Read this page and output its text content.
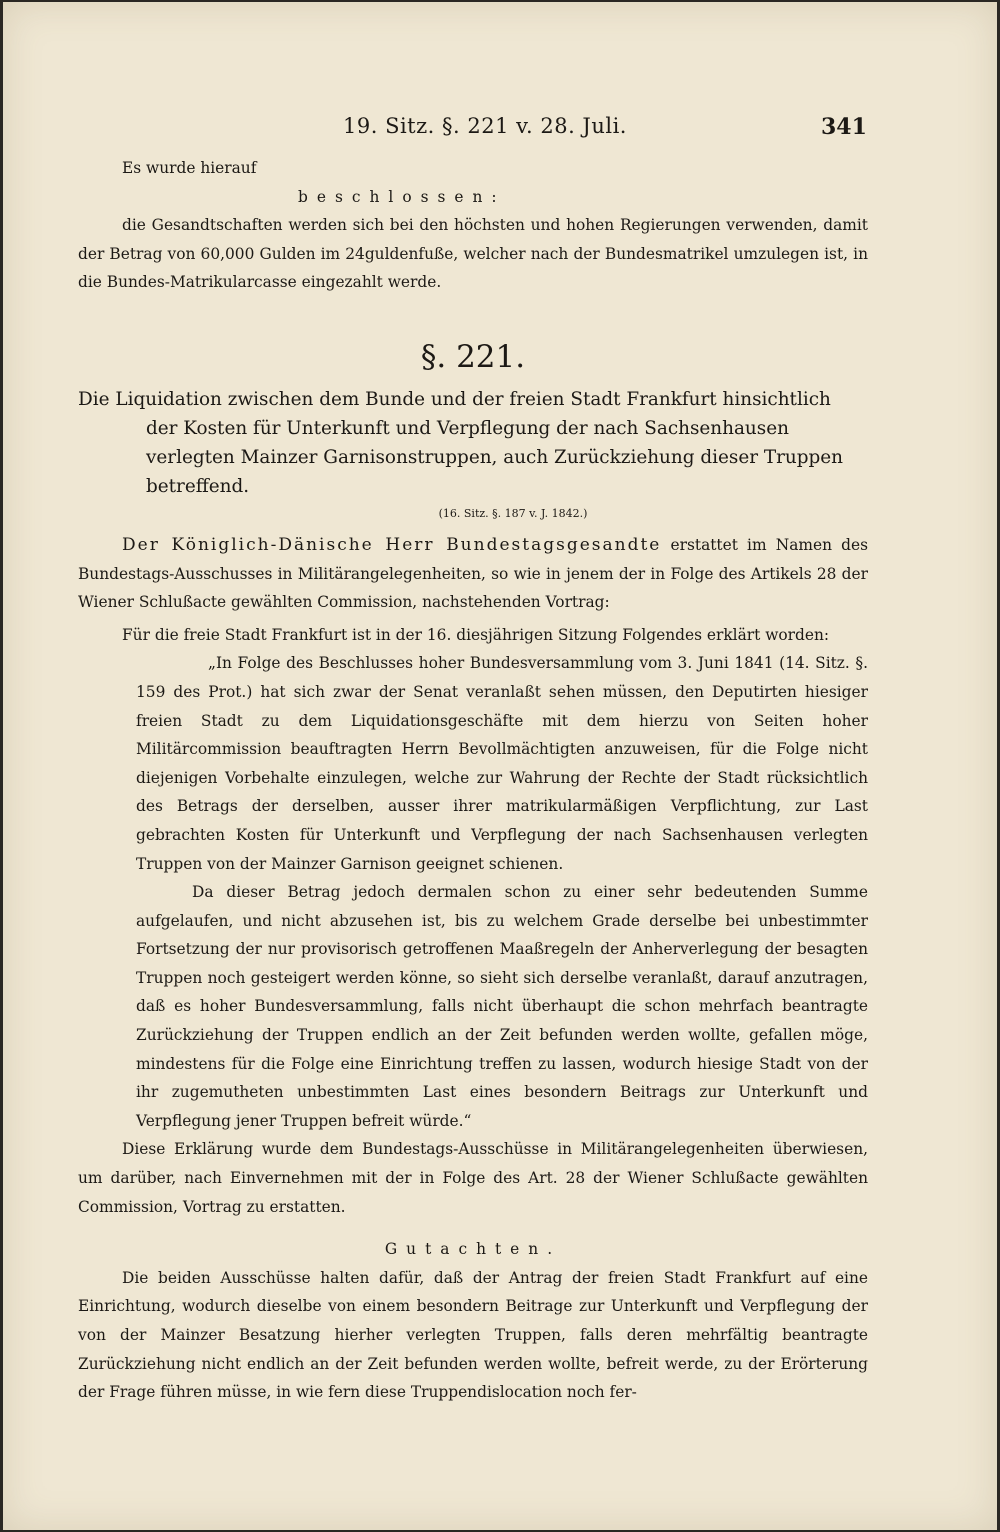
19. Sitz. §. 221 v. 28. Juli.	341

Es wurde hierauf

beschlossen:

die Gesandtschaften werden sich bei den höchsten und hohen Regierungen verwenden, damit der Betrag von 60,000 Gulden im 24guldenfuße, welcher nach der Bundesmatrikel umzulegen ist, in die Bundes-Matrikularcasse eingezahlt werde.

§. 221.

Die Liquidation zwischen dem Bunde und der freien Stadt Frankfurt hinsichtlich der Kosten für Unterkunft und Verpflegung der nach Sachsenhausen verlegten Mainzer Garnisonstruppen, auch Zurückziehung dieser Truppen betreffend.

(16. Sitz. §. 187 v. J. 1842.)

Der Königlich-Dänische Herr Bundestagsgesandte erstattet im Namen des Bundestags-Ausschusses in Militärangelegenheiten, so wie in jenem der in Folge des Artikels 28 der Wiener Schlußacte gewählten Commission, nachstehenden Vortrag:

Für die freie Stadt Frankfurt ist in der 16. diesjährigen Sitzung Folgendes erklärt worden:

„In Folge des Beschlusses hoher Bundesversammlung vom 3. Juni 1841 (14. Sitz. §. 159 des Prot.) hat sich zwar der Senat veranlaßt sehen müssen, den Deputirten hiesiger freien Stadt zu dem Liquidationsgeschäfte mit dem hierzu von Seiten hoher Militärcommission beauftragten Herrn Bevollmächtigten anzuweisen, für die Folge nicht diejenigen Vorbehalte einzulegen, welche zur Wahrung der Rechte der Stadt rücksichtlich des Betrags der derselben, ausser ihrer matrikularmäßigen Verpflichtung, zur Last gebrachten Kosten für Unterkunft und Verpflegung der nach Sachsenhausen verlegten Truppen von der Mainzer Garnison geeignet schienen.

Da dieser Betrag jedoch dermalen schon zu einer sehr bedeutenden Summe aufgelaufen, und nicht abzusehen ist, bis zu welchem Grade derselbe bei unbestimmter Fortsetzung der nur provisorisch getroffenen Maaßregeln der Anherverlegung der besagten Truppen noch gesteigert werden könne, so sieht sich derselbe veranlaßt, darauf anzutragen, daß es hoher Bundesversammlung, falls nicht überhaupt die schon mehrfach beantragte Zurückziehung der Truppen endlich an der Zeit befunden werden wollte, gefallen möge, mindestens für die Folge eine Einrichtung treffen zu lassen, wodurch hiesige Stadt von der ihr zugemutheten unbestimmten Last eines besondern Beitrags zur Unterkunft und Verpflegung jener Truppen befreit würde.“

Diese Erklärung wurde dem Bundestags-Ausschüsse in Militärangelegenheiten überwiesen, um darüber, nach Einvernehmen mit der in Folge des Art. 28 der Wiener Schlußacte gewählten Commission, Vortrag zu erstatten.

Gutachten.

Die beiden Ausschüsse halten dafür, daß der Antrag der freien Stadt Frankfurt auf eine Einrichtung, wodurch dieselbe von einem besondern Beitrage zur Unterkunft und Verpflegung der von der Mainzer Besatzung hierher verlegten Truppen, falls deren mehrfältig beantragte Zurückziehung nicht endlich an der Zeit befunden werden wollte, befreit werde, zu der Erörterung der Frage führen müsse, in wie fern diese Truppendislocation noch fer-
